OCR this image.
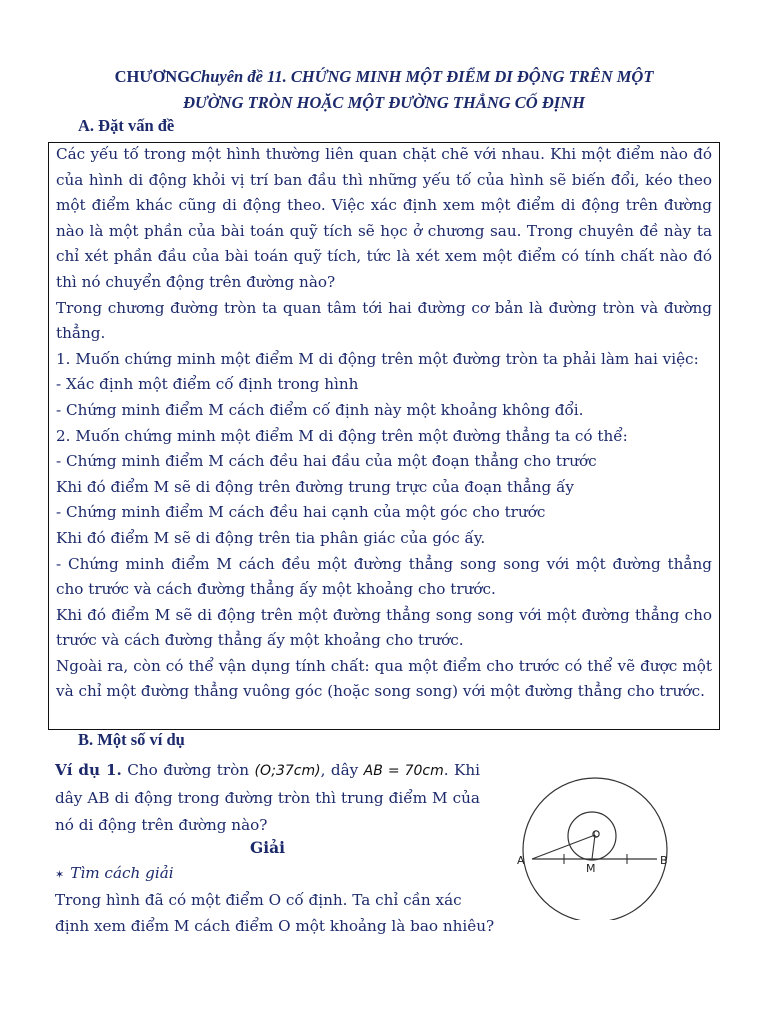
CHƯƠNGChuyên đề 11. CHỨNG MINH MỘT ĐIỂM DI ĐỘNG TRÊN MỘT
ĐƯỜNG TRÒN HOẶC MỘT ĐƯỜNG THẲNG CỐ ĐỊNH
A. Đặt vấn đề

Các yếu tố trong một hình thường liên quan chặt chẽ với nhau. Khi một điểm nào đó của hình di động khỏi vị trí ban đầu thì những yếu tố của hình sẽ biến đổi, kéo theo một điểm khác cũng di động theo. Việc xác định xem một điểm di động trên đường nào là một phần của bài toán quỹ tích sẽ học ở chương sau. Trong chuyên đề này ta chỉ xét phần đầu của bài toán quỹ tích, tức là xét xem một điểm có tính chất nào đó thì nó chuyển động trên đường nào?

Trong chương đường tròn ta quan tâm tới hai đường cơ bản là đường tròn và đường thẳng.

1. Muốn chứng minh một điểm M di động trên một đường tròn ta phải làm hai việc:

- Xác định một điểm cố định trong hình

- Chứng minh điểm M cách điểm cố định này một khoảng không đổi.

2. Muốn chứng minh một điểm M di động trên một đường thẳng ta có thể:

- Chứng minh điểm M cách đều hai đầu của một đoạn thẳng cho trước

Khi đó điểm M sẽ di động trên đường trung trực của đoạn thẳng ấy

- Chứng minh điểm M cách đều hai cạnh của một góc cho trước

Khi đó điểm M sẽ di động trên tia phân giác của góc ấy.

- Chứng minh điểm M cách đều một đường thẳng song song với một đường thẳng cho trước và cách đường thẳng ấy một khoảng cho trước.

Khi đó điểm M sẽ di động trên một đường thẳng song song với một đường thẳng cho trước và cách đường thẳng ấy một khoảng cho trước.

Ngoài ra, còn có thể vận dụng tính chất: qua một điểm cho trước có thể vẽ được một và chỉ một đường thẳng vuông góc (hoặc song song) với một đường thẳng cho trước.

B. Một số ví dụ

Ví dụ 1. Cho đường tròn (O;37cm), dây AB = 70cm. Khi dây AB di động trong đường tròn thì trung điểm M của nó di động trên đường nào?

Giải
✶ Tìm cách giải

Trong hình đã có một điểm O cố định. Ta chỉ cần xác

định xem điểm M cách điểm O một khoảng là bao nhiêu?

A	B
M
O
